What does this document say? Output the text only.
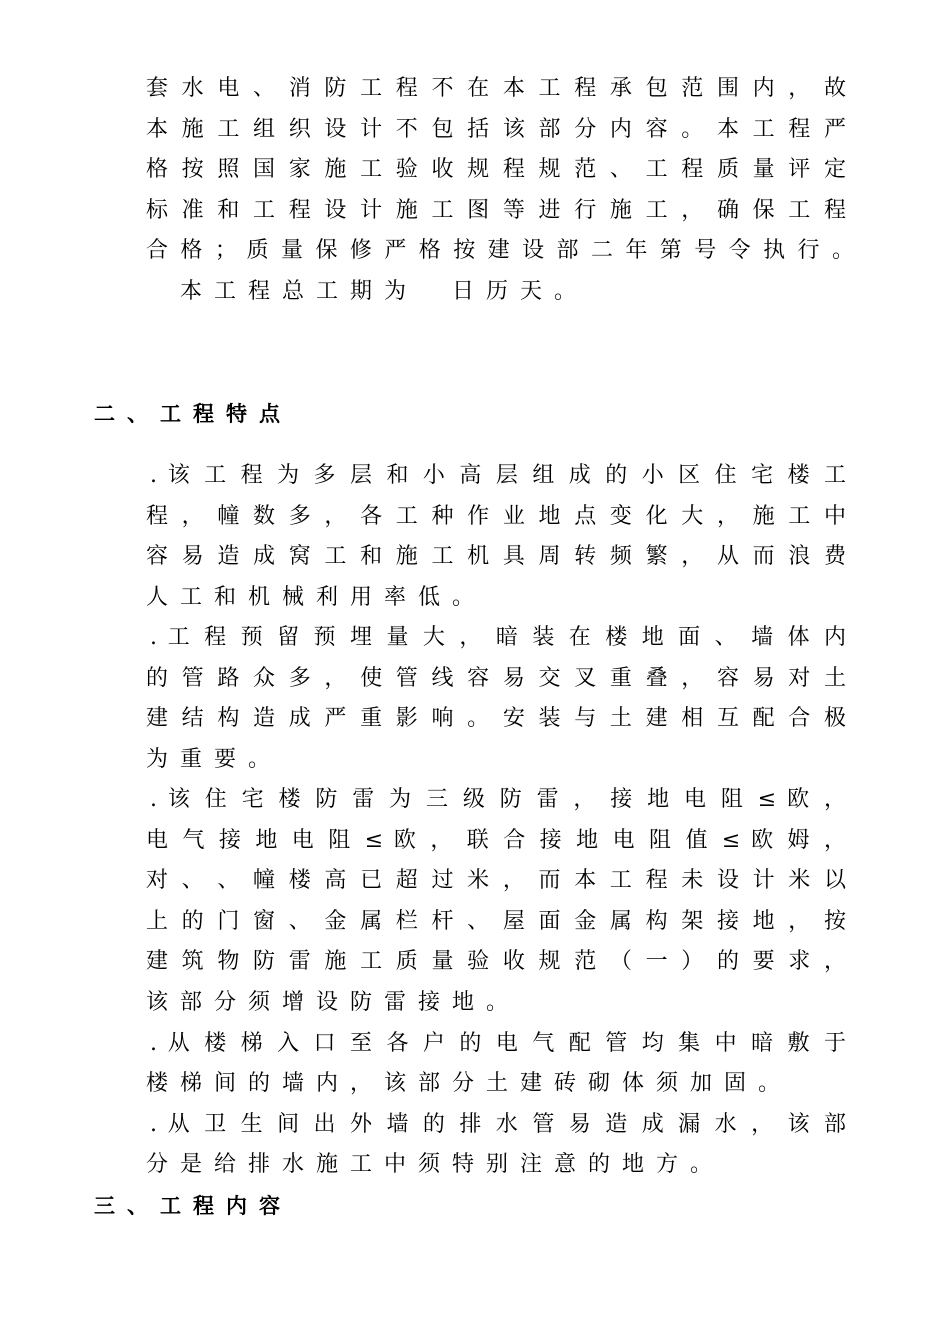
套 水 电 、 消 防 工 程 不 在 本 工 程 承 包 范 围 内 ， 故
本 施 工 组 织 设 计 不 包 括 该 部 分 内 容 。 本 工 程 严
格 按 照 国 家 施 工 验 收 规 程 规 范 、 工 程 质 量 评 定
标 准 和 工 程 设 计 施 工 图 等 进 行 施 工 ， 确 保 工 程
合 格 ； 质 量 保 修 严 格 按 建 设 部 二 年 第 号 令 执 行 。
本工程总工期为　日历天。
二、工程特点
. 该 工 程 为 多 层 和 小 高 层 组 成 的 小 区 住 宅 楼 工
程 ， 幢 数 多 ， 各 工 种 作 业 地 点 变 化 大 ， 施 工 中
容 易 造 成 窝 工 和 施 工 机 具 周 转 频 繁 ， 从 而 浪 费
人工和机械利用率低。
. 工 程 预 留 预 埋 量 大 ， 暗 装 在 楼 地 面 、 墙 体 内
的 管 路 众 多 ， 使 管 线 容 易 交 叉 重 叠 ， 容 易 对 土
建 结 构 造 成 严 重 影 响 。 安 装 与 土 建 相 互 配 合 极
为重要。
. 该 住 宅 楼 防 雷 为 三 级 防 雷 ， 接 地 电 阻 ≤ 欧 ，
电 气 接 地 电 阻 ≤ 欧 ， 联 合 接 地 电 阻 值 ≤ 欧 姆 ，
对 、 、 幢 楼 高 已 超 过 米 ， 而 本 工 程 未 设 计 米 以
上 的 门 窗 、 金 属 栏 杆 、 屋 面 金 属 构 架 接 地 ， 按
建 筑 物 防 雷 施 工 质 量 验 收 规 范 （ 一 ） 的 要 求 ，
该部分须增设防雷接地。
. 从 楼 梯 入 口 至 各 户 的 电 气 配 管 均 集 中 暗 敷 于
楼梯间的墙内，该部分土建砖砌体须加固。
. 从 卫 生 间 出 外 墙 的 排 水 管 易 造 成 漏 水 ， 该 部
分是给排水施工中须特别注意的地方。
三、工程内容
